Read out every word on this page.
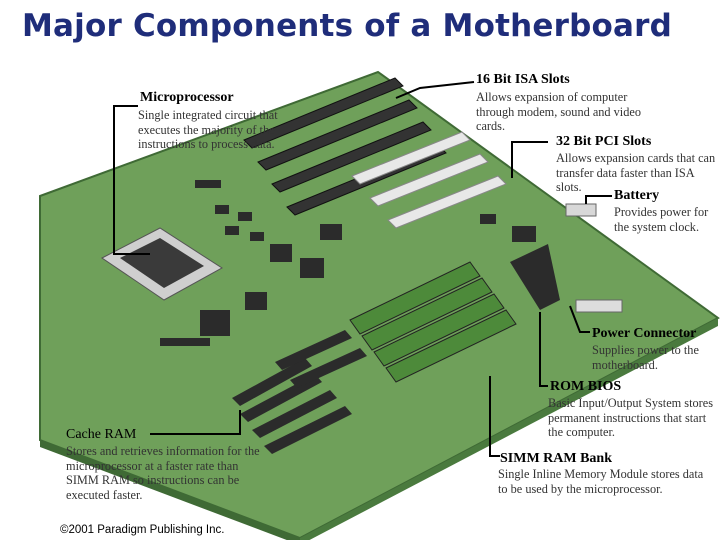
Major Components of a Motherboard
Microprocessor
Single integrated circuit that executes the majority of the instructions to process data.
16 Bit ISA Slots
Allows expansion of computer through modem, sound and video cards.
32 Bit PCI Slots
Allows expansion cards that can transfer data faster than ISA slots.
Battery
Provides power for the system clock.
Power Connector
Supplies power to the motherboard.
ROM BIOS
Basic Input/Output System stores permanent instructions that start the computer.
SIMM RAM Bank
Single Inline Memory Module stores data to be used by the microprocessor.
Cache RAM
Stores and retrieves information for the microprocessor at a faster rate than SIMM RAM so instructions can be executed faster.
©2001 Paradigm Publishing Inc.
